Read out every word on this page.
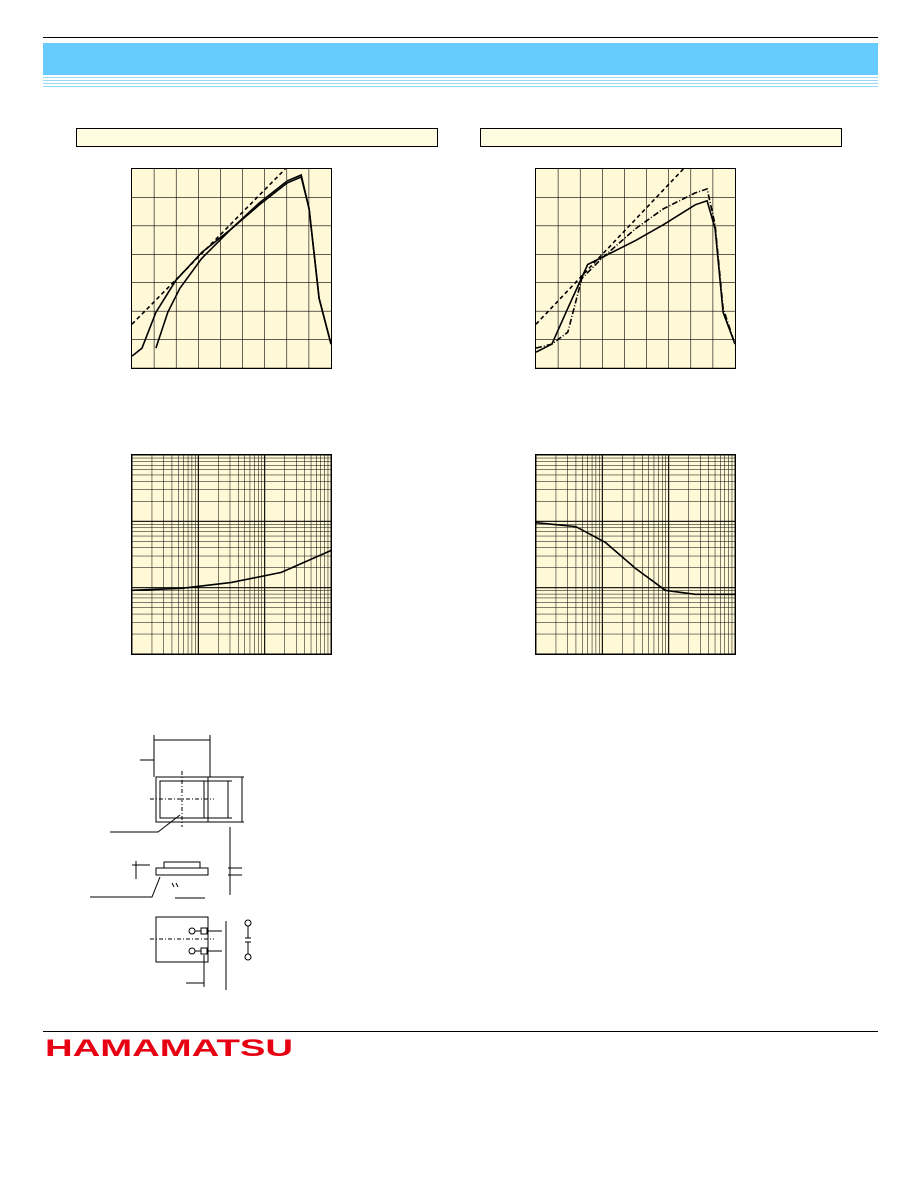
HAMAMATSU
